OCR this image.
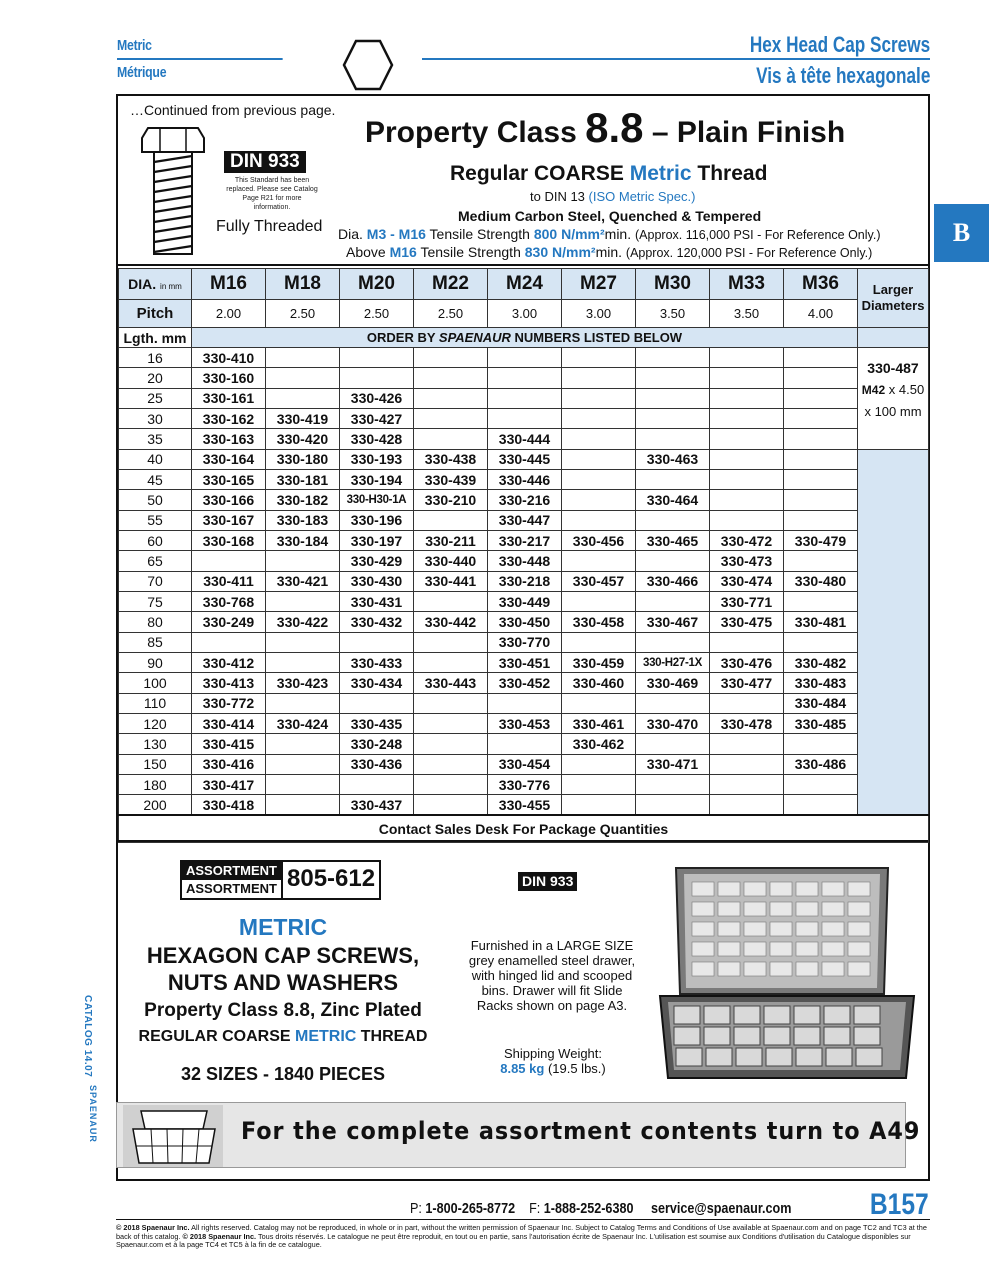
Metric
Métrique
Hex Head Cap Screws
Vis à tête hexagonale
B
…Continued from previous page.
DIN 933
This Standard has been replaced. Please see Catalog Page R21 for more information.
Fully Threaded
Property Class 8.8 – Plain Finish
Regular COARSE Metric Thread
to DIN 13 (ISO Metric Spec.)
Medium Carbon Steel, Quenched & Tempered
Dia. M3 - M16 Tensile Strength 800 N/mm²min. (Approx. 116,000 PSI - For Reference Only.)
Above M16 Tensile Strength 830 N/mm²min. (Approx. 120,000 PSI - For Reference Only.)
DIA. in mm	M16	M18	M20	M22	M24	M27	M30	M33	M36	Larger Diameters
Pitch	2.00	2.50	2.50	2.50	3.00	3.00	3.50	3.50	4.00	
Lgth. mm	ORDER BY SPAENAUR NUMBERS LISTED BELOW									
16	330-410									330-487
M42 x 4.50
x 100 mm

20	330-160									
25	330-161		330-426							
30	330-162	330-419	330-427							
35	330-163	330-420	330-428		330-444					
40	330-164	330-180	330-193	330-438	330-445		330-463			
45	330-165	330-181	330-194	330-439	330-446					
50	330-166	330-182	330-H30-1A	330-210	330-216		330-464			
55	330-167	330-183	330-196		330-447					
60	330-168	330-184	330-197	330-211	330-217	330-456	330-465	330-472	330-479	
65			330-429	330-440	330-448			330-473		
70	330-411	330-421	330-430	330-441	330-218	330-457	330-466	330-474	330-480	
75	330-768		330-431		330-449			330-771		
80	330-249	330-422	330-432	330-442	330-450	330-458	330-467	330-475	330-481	
85					330-770					
90	330-412		330-433		330-451	330-459	330-H27-1X	330-476	330-482	
100	330-413	330-423	330-434	330-443	330-452	330-460	330-469	330-477	330-483	
110	330-772								330-484	
120	330-414	330-424	330-435		330-453	330-461	330-470	330-478	330-485	
130	330-415		330-248			330-462				
150	330-416		330-436		330-454		330-471		330-486	
180	330-417				330-776					
200	330-418		330-437		330-455					
Contact Sales Desk For Package Quantities										
ASSORTMENT
ASSORTMENT 805-612	DIN 933
METRIC
HEXAGON CAP SCREWS,
NUTS AND WASHERS
Property Class 8.8, Zinc Plated
REGULAR COARSE METRIC THREAD
32 SIZES - 1840 PIECES
Furnished in a LARGE SIZE grey enamelled steel drawer, with hinged lid and scooped bins. Drawer will fit Slide Racks shown on page A3.
Shipping Weight:
8.85 kg (19.5 lbs.)
For the complete assortment contents turn to A49
CATALOG 14.07
SPAENAUR
P: 1-800-265-8772 F: 1-888-252-6380 service@spaenaur.com	B157
© 2018 Spaenaur Inc. All rights reserved. Catalog may not be reproduced, in whole or in part, without the written permission of Spaenaur Inc. Subject to Catalog Terms and Conditions of Use available at Spaenaur.com and on page TC2 and TC3 at the back of this catalog. © 2018 Spaenaur Inc. Tous droits réservés. Le catalogue ne peut être reproduit, en tout ou en partie, sans l'autorisation écrite de Spaenaur Inc. L'utilisation est soumise aux Conditions d'utilisation du Catalogue disponibles sur Spaenaur.com et à la page TC4 et TC5 à la fin de ce catalogue.
